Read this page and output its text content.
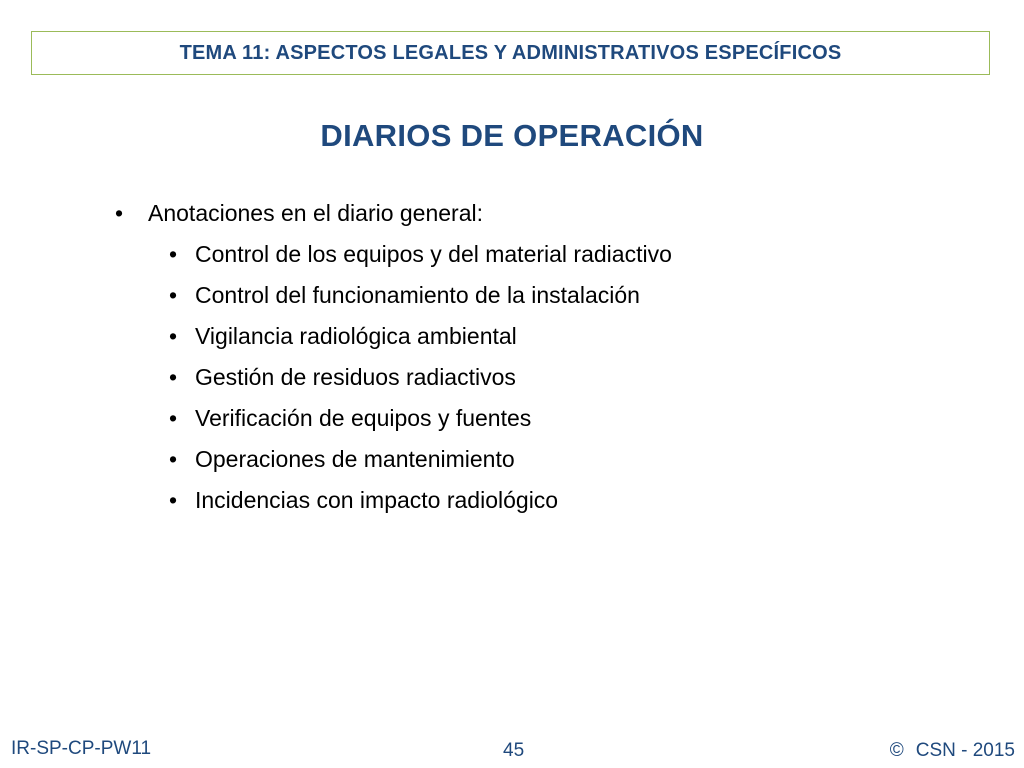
TEMA 11: ASPECTOS LEGALES Y ADMINISTRATIVOS ESPECÍFICOS
DIARIOS DE OPERACIÓN
• Anotaciones en el diario general:
• Control de los equipos y del material radiactivo
• Control del funcionamiento de la instalación
• Vigilancia radiológica ambiental
• Gestión de residuos radiactivos
• Verificación de equipos y fuentes
• Operaciones de mantenimiento
• Incidencias con impacto radiológico
IR-SP-CP-PW11	45	© CSN - 2015
